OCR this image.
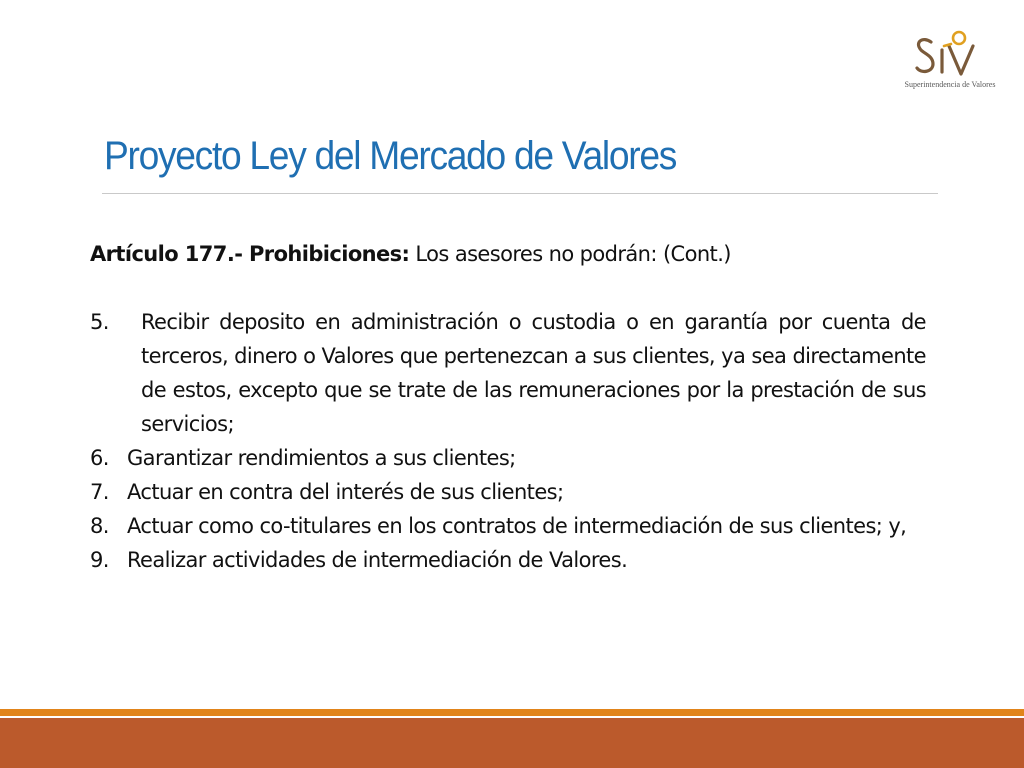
Superintendencia de Valores
Proyecto Ley del Mercado de Valores

Artículo 177.- Prohibiciones: Los asesores no podrán: (Cont.)

5. Recibir deposito en administración o custodia o en garantía por cuenta de terceros, dinero o Valores que pertenezcan a sus clientes, ya sea directamente de estos, excepto que se trate de las remuneraciones por la prestación de sus servicios;
6. Garantizar rendimientos a sus clientes;
7. Actuar en contra del interés de sus clientes;
8. Actuar como co-titulares en los contratos de intermediación de sus clientes; y,
9. Realizar actividades de intermediación de Valores.
